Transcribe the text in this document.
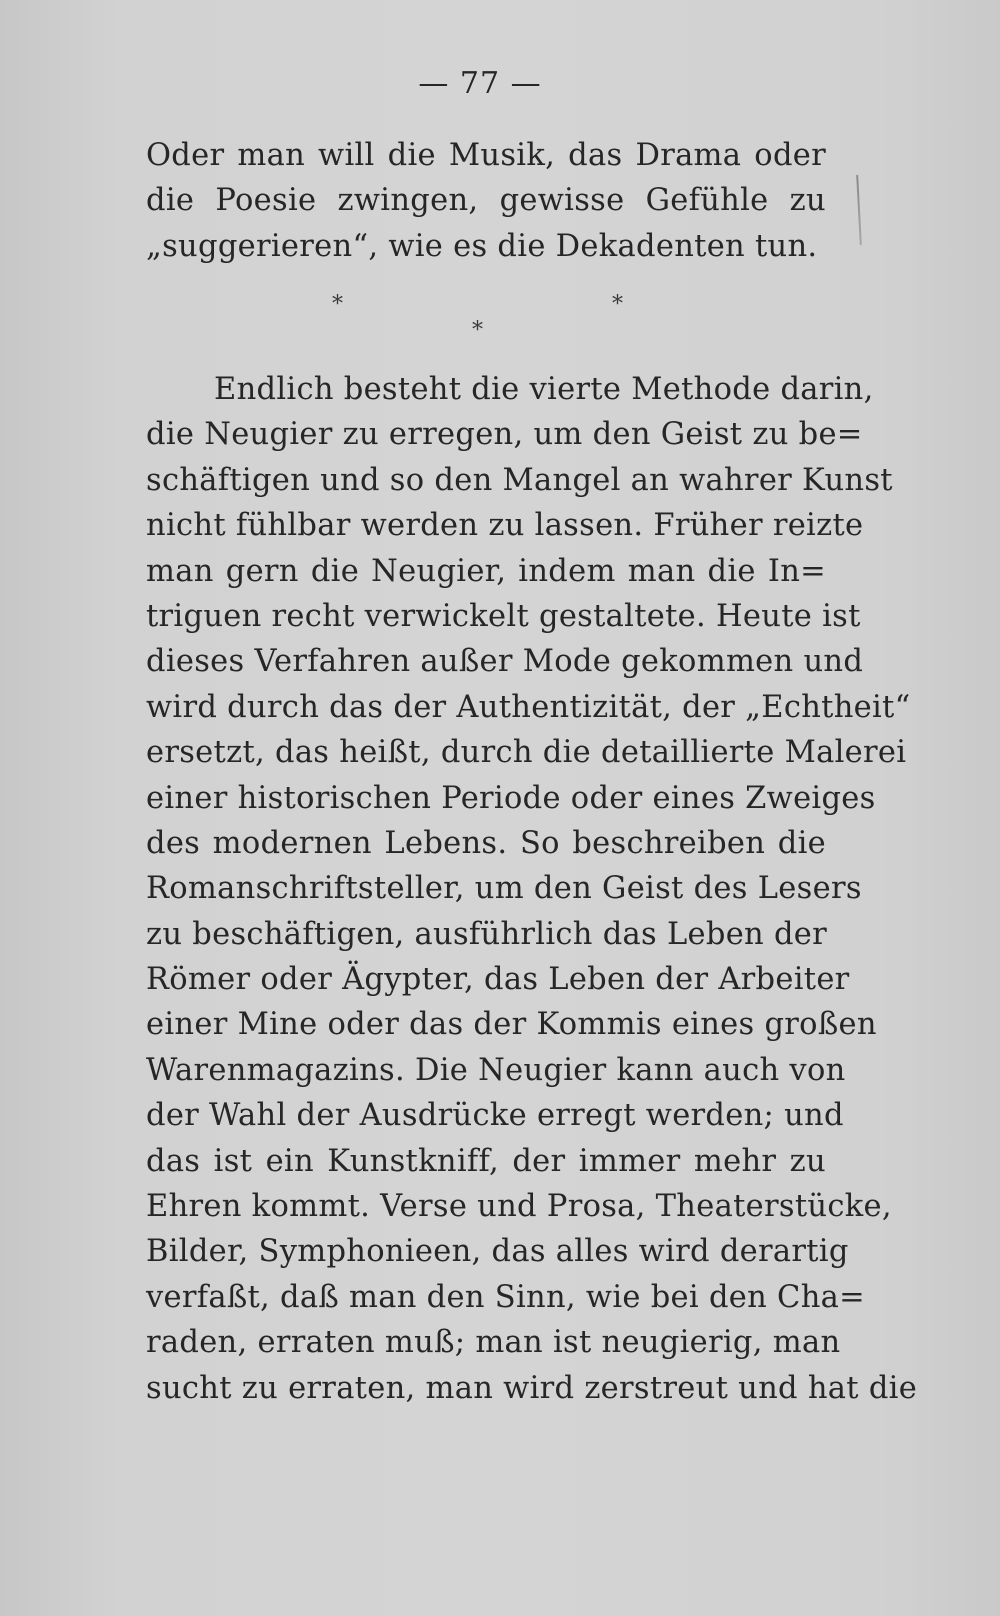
— 77 —
Oder man will die Musik, das Drama oder
die Poesie zwingen, gewisse Gefühle zu
„suggerieren“, wie es die Dekadenten tun.
*	*
*
Endlich besteht die vierte Methode darin,
die Neugier zu erregen, um den Geist zu be=
schäftigen und so den Mangel an wahrer Kunst
nicht fühlbar werden zu lassen. Früher reizte
man gern die Neugier, indem man die In=
triguen recht verwickelt gestaltete. Heute ist
dieses Verfahren außer Mode gekommen und
wird durch das der Authentizität, der „Echtheit“
ersetzt, das heißt, durch die detaillierte Malerei
einer historischen Periode oder eines Zweiges
des modernen Lebens. So beschreiben die
Romanschriftsteller, um den Geist des Lesers
zu beschäftigen, ausführlich das Leben der
Römer oder Ägypter, das Leben der Arbeiter
einer Mine oder das der Kommis eines großen
Warenmagazins. Die Neugier kann auch von
der Wahl der Ausdrücke erregt werden; und
das ist ein Kunstkniff, der immer mehr zu
Ehren kommt. Verse und Prosa, Theaterstücke,
Bilder, Symphonieen, das alles wird derartig
verfaßt, daß man den Sinn, wie bei den Cha=
raden, erraten muß; man ist neugierig, man
sucht zu erraten, man wird zerstreut und hat die
